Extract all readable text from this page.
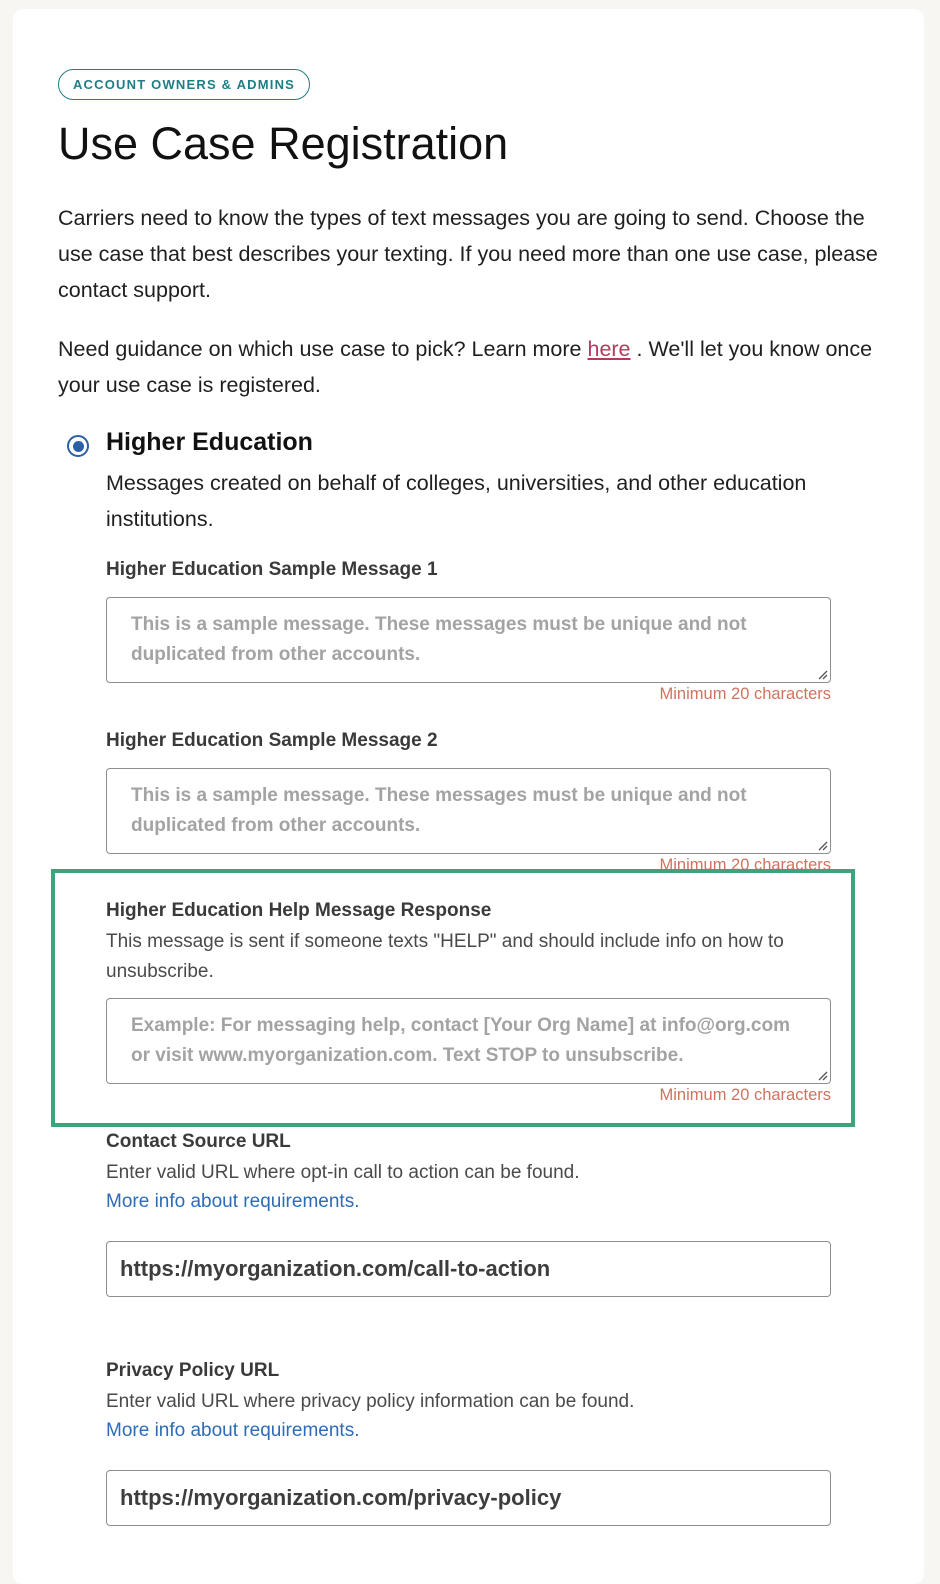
ACCOUNT OWNERS & ADMINS
Use Case Registration

Carriers need to know the types of text messages you are going to send. Choose the use case that best describes your texting. If you need more than one use case, please contact support.

Need guidance on which use case to pick? Learn more here . We'll let you know once your use case is registered.

Higher Education

Messages created on behalf of colleges, universities, and other education institutions.

Higher Education Sample Message 1
This is a sample message. These messages must be unique and not duplicated from other accounts.
Minimum 20 characters
Higher Education Sample Message 2
This is a sample message. These messages must be unique and not duplicated from other accounts.
Minimum 20 characters
Higher Education Help Message Response

This message is sent if someone texts "HELP" and should include info on how to unsubscribe.

Example: For messaging help, contact [Your Org Name] at info@org.com or visit www.myorganization.com. Text STOP to unsubscribe.
Minimum 20 characters
Contact Source URL

Enter valid URL where opt-in call to action can be found.

More info about requirements.
https://myorganization.com/call-to-action
Privacy Policy URL

Enter valid URL where privacy policy information can be found.

More info about requirements.
https://myorganization.com/privacy-policy
